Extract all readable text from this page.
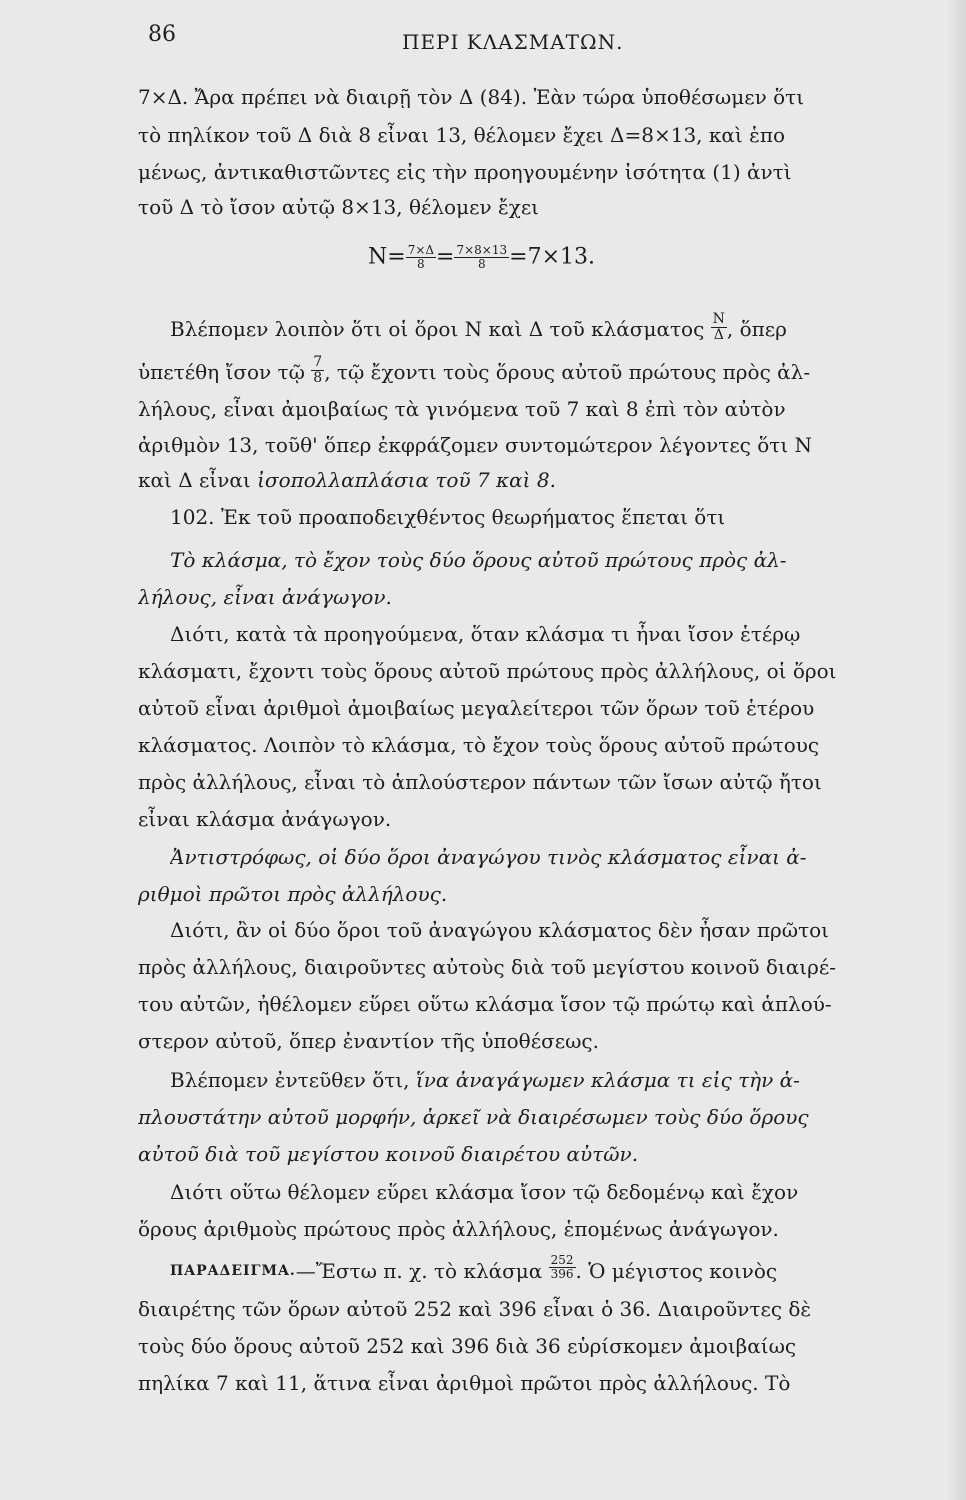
86	ΠΕΡΙ ΚΛΑΣΜΑΤΩΝ.
7×Δ. Ἄρα πρέπει νὰ διαιρῇ τὸν Δ (84). Ἐὰν τώρα ὑποθέσωμεν ὅτι
τὸ πηλίκον τοῦ Δ διὰ 8 εἶναι 13, θέλομεν ἔχει Δ=8×13, καὶ ἑπο
μένως, ἀντικαθιστῶντες εἰς τὴν προηγουμένην ἰσότητα (1) ἀντὶ
τοῦ Δ τὸ ἴσον αὐτῷ 8×13, θέλομεν ἔχει
$N= \frac{7\times\Delta}{8} = \frac{7\times 8\times 13}{8} =7\times 13$.
Βλέπομεν λοιπὸν ὅτι οἱ ὅροι Ν καὶ Δ τοῦ κλάσματος
$\frac{N}{\Delta}$ , ὅπερ
ὑπετέθη ἴσον τῷ
$\frac{7}{8}$ , τῷ ἔχοντι τοὺς ὅρους αὐτοῦ πρώτους πρὸς ἀλ-
λήλους, εἶναι ἀμοιβαίως τὰ γινόμενα τοῦ 7 καὶ 8 ἐπὶ τὸν αὐτὸν
ἀριθμὸν 13, τοῦθ' ὅπερ ἐκφράζομεν συντομώτερον λέγοντες ὅτι Ν
καὶ Δ εἶναι
ἰσοπολλαπλάσια τοῦ 7 καὶ 8.
102. Ἐκ τοῦ προαποδειχθέντος θεωρήματος ἕπεται ὅτι
Τὸ κλάσμα, τὸ ἔχον τοὺς δύο ὅρους αὐτοῦ πρώτους πρὸς ἀλ-
λήλους, εἶναι ἀνάγωγον.
Διότι, κατὰ τὰ προηγούμενα, ὅταν κλάσμα τι ἦναι ἴσον ἑτέρῳ
κλάσματι, ἔχοντι τοὺς ὅρους αὐτοῦ πρώτους πρὸς ἀλλήλους, οἱ ὅροι
αὐτοῦ εἶναι ἀριθμοὶ ἀμοιβαίως μεγαλείτεροι τῶν ὅρων τοῦ ἑτέρου
κλάσματος. Λοιπὸν τὸ κλάσμα, τὸ ἔχον τοὺς ὅρους αὐτοῦ πρώτους
πρὸς ἀλλήλους, εἶναι τὸ ἁπλούστερον πάντων τῶν ἴσων αὐτῷ ἤτοι
εἶναι κλάσμα ἀνάγωγον.
Ἀντιστρόφως, οἱ δύο ὅροι ἀναγώγου τινὸς κλάσματος εἶναι ἀ-
ριθμοὶ πρῶτοι πρὸς ἀλλήλους.
Διότι, ἂν οἱ δύο ὅροι τοῦ ἀναγώγου κλάσματος δὲν ἦσαν πρῶτοι
πρὸς ἀλλήλους, διαιροῦντες αὐτοὺς διὰ τοῦ μεγίστου κοινοῦ διαιρέ-
του αὐτῶν, ἠθέλομεν εὕρει οὕτω κλάσμα ἴσον τῷ πρώτῳ καὶ ἁπλού-
στερον αὐτοῦ, ὅπερ ἐναντίον τῆς ὑποθέσεως.
Βλέπομεν ἐντεῦθεν ὅτι,
ἵνα ἀναγάγωμεν κλάσμα τι εἰς τὴν ἁ-
πλουστάτην αὐτοῦ μορφήν, ἀρκεῖ νὰ διαιρέσωμεν τοὺς δύο ὅρους
αὐτοῦ διὰ τοῦ μεγίστου κοινοῦ διαιρέτου αὐτῶν.
Διότι οὕτω θέλομεν εὕρει κλάσμα ἴσον τῷ δεδομένῳ καὶ ἔχον
ὅρους ἀριθμοὺς πρώτους πρὸς ἀλλήλους, ἑπομένως ἀνάγωγον.
ΠΑΡΑΔΕΙΓΜΑ. —Ἔστω π. χ. τὸ κλάσμα
$\frac{252}{396}$ . Ὁ μέγιστος κοινὸς
διαιρέτης τῶν ὅρων αὐτοῦ 252 καὶ 396 εἶναι ὁ 36. Διαιροῦντες δὲ
τοὺς δύο ὅρους αὐτοῦ 252 καὶ 396 διὰ 36 εὑρίσκομεν ἀμοιβαίως
πηλίκα 7 καὶ 11, ἅτινα εἶναι ἀριθμοὶ πρῶτοι πρὸς ἀλλήλους. Τὸ
